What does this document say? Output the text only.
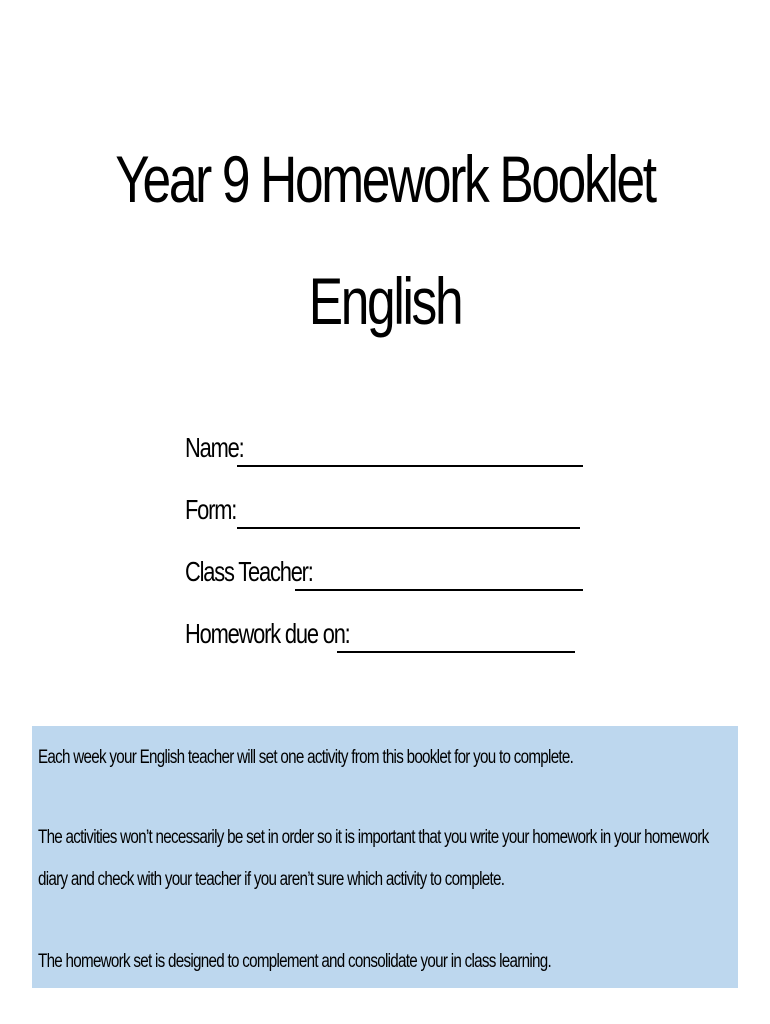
Year 9 Homework Booklet
English
Name:
Form:
Class Teacher:
Homework due on:
Each week your English teacher will set one activity from this booklet for you to complete.
The activities won’t necessarily be set in order so it is important that you write your homework in your homework
diary and check with your teacher if you aren’t sure which activity to complete.
The homework set is designed to complement and consolidate your in class learning.
